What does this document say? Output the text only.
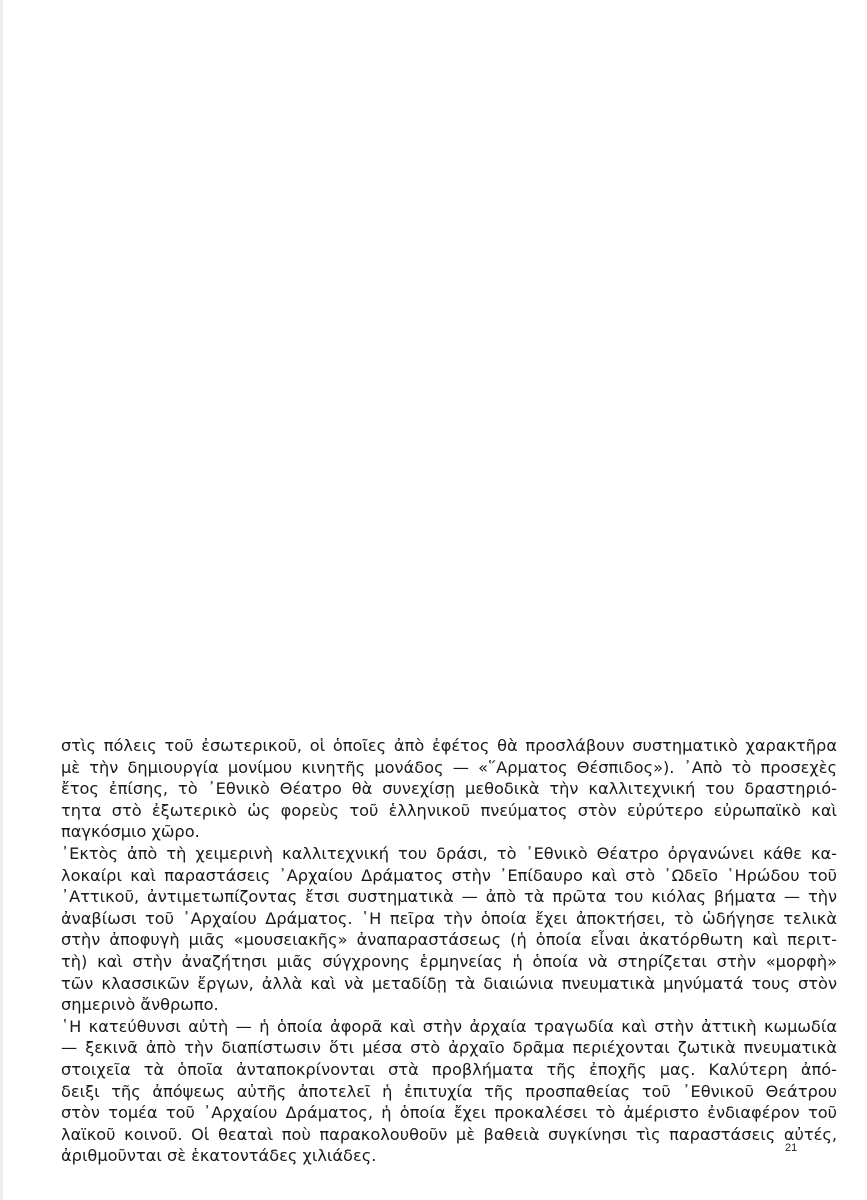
στὶς πόλεις τοῦ ἐσωτερικοῦ, οἱ ὁποῖες ἀπὸ ἐφέτος θὰ προσλάβουν συστηματικὸ χαρακτῆρα
μὲ τὴν δημιουργία μονίμου κινητῆς μονάδος — «῞Αρματος Θέσπιδος»). ᾿Απὸ τὸ προσεχὲς
ἔτος ἐπίσης, τὸ ᾿Εθνικὸ Θέατρο θὰ συνεχίσῃ μεθοδικὰ τὴν καλλιτεχνική του δραστηριό-
τητα στὸ ἐξωτερικὸ ὡς φορεὺς τοῦ ἑλληνικοῦ πνεύματος στὸν εὐρύτερο εὐρωπαϊκὸ καὶ
παγκόσμιο χῶρο.
᾿Εκτὸς ἀπὸ τὴ χειμερινὴ καλλιτεχνική του δράσι, τὸ ᾿Εθνικὸ Θέατρο ὀργανώνει κάθε κα-
λοκαίρι καὶ παραστάσεις ᾿Αρχαίου Δράματος στὴν ᾿Επίδαυρο καὶ στὸ ᾿Ωδεῖο ῾Ηρώδου τοῦ
᾿Αττικοῦ, ἀντιμετωπίζοντας ἔτσι συστηματικὰ — ἀπὸ τὰ πρῶτα του κιόλας βήματα — τὴν
ἀναβίωσι τοῦ ᾿Αρχαίου Δράματος. ῾Η πεῖρα τὴν ὁποία ἔχει ἀποκτήσει, τὸ ὡδήγησε τελικὰ
στὴν ἀποφυγὴ μιᾶς «μουσειακῆς» ἀναπαραστάσεως (ἡ ὁποία εἶναι ἀκατόρθωτη καὶ περιτ-
τὴ) καὶ στὴν ἀναζήτησι μιᾶς σύγχρονης ἑρμηνείας ἡ ὁποία νὰ στηρίζεται στὴν «μορφὴ»
τῶν κλασσικῶν ἔργων, ἀλλὰ καὶ νὰ μεταδίδῃ τὰ διαιώνια πνευματικὰ μηνύματά τους στὸν
σημερινὸ ἄνθρωπο.
῾Η κατεύθυνσι αὐτὴ — ἡ ὁποία ἀφορᾶ καὶ στὴν ἀρχαία τραγωδία καὶ στὴν ἀττικὴ κωμωδία
— ξεκινᾶ ἀπὸ τὴν διαπίστωσιν ὅτι μέσα στὸ ἀρχαῖο δρᾶμα περιέχονται ζωτικὰ πνευματικὰ
στοιχεῖα τὰ ὁποῖα ἀνταποκρίνονται στὰ προβλήματα τῆς ἐποχῆς μας. Καλύτερη ἀπό-
δειξι τῆς ἀπόψεως αὐτῆς ἀποτελεῖ ἡ ἐπιτυχία τῆς προσπαθείας τοῦ ᾿Εθνικοῦ Θεάτρου
στὸν τομέα τοῦ ᾿Αρχαίου Δράματος, ἡ ὁποία ἔχει προκαλέσει τὸ ἀμέριστο ἐνδιαφέρον τοῦ
λαϊκοῦ κοινοῦ. Οἱ θεαταὶ ποὺ παρακολουθοῦν μὲ βαθειὰ συγκίνησι τὶς παραστάσεις αὐτές,
ἀριθμοῦνται σὲ ἑκατοντάδες χιλιάδες.	21
